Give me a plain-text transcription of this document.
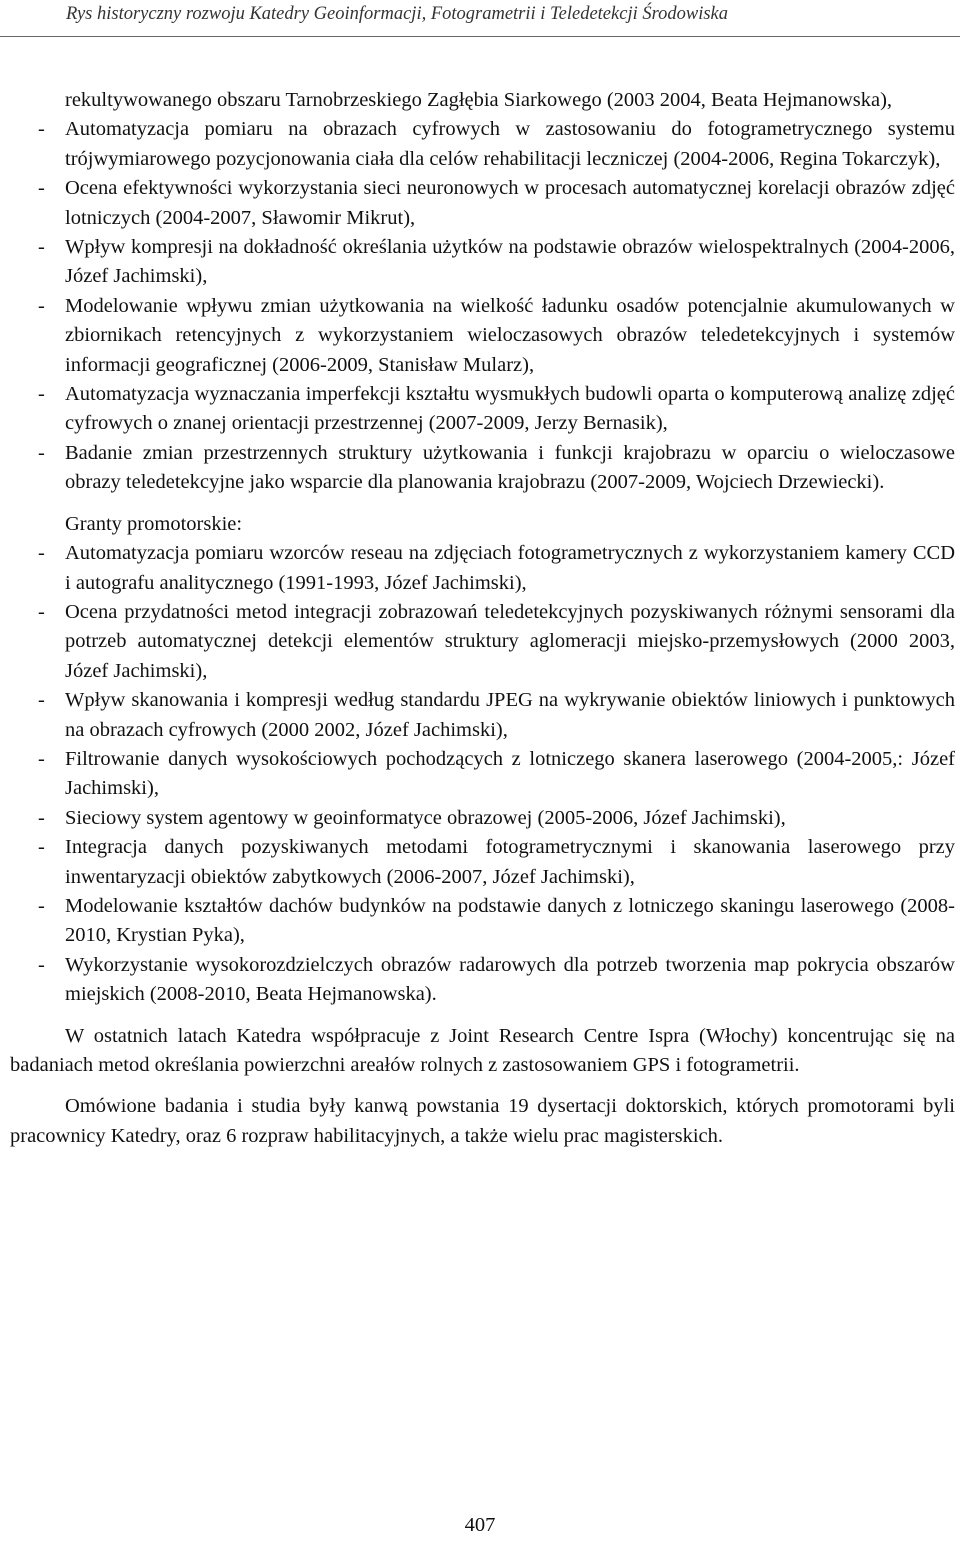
Rys historyczny rozwoju Katedry Geoinformacji, Fotogrametrii i Teledetekcji Środowiska
rekultywowanego obszaru Tarnobrzeskiego Zagłębia Siarkowego (2003 2004, Beata Hejmanowska),
- Automatyzacja pomiaru na obrazach cyfrowych w zastosowaniu do fotogrametrycznego systemu trójwymiarowego pozycjonowania ciała dla celów rehabilitacji leczniczej (2004-2006, Regina Tokarczyk),
- Ocena efektywności wykorzystania sieci neuronowych w procesach automatycznej korelacji obrazów zdjęć lotniczych (2004-2007, Sławomir Mikrut),
- Wpływ kompresji na dokładność określania użytków na podstawie obrazów wielospektralnych (2004-2006, Józef Jachimski),
- Modelowanie wpływu zmian użytkowania na wielkość ładunku osadów potencjalnie akumulowanych w zbiornikach retencyjnych z wykorzystaniem wieloczasowych obrazów teledetekcyjnych i systemów informacji geograficznej (2006-2009, Stanisław Mularz),
- Automatyzacja wyznaczania imperfekcji kształtu wysmukłych budowli oparta o komputerową analizę zdjęć cyfrowych o znanej orientacji przestrzennej (2007-2009, Jerzy Bernasik),
- Badanie zmian przestrzennych struktury użytkowania i funkcji krajobrazu w oparciu o wieloczasowe obrazy teledetekcyjne jako wsparcie dla planowania krajobrazu (2007-2009, Wojciech Drzewiecki).
Granty promotorskie:
- Automatyzacja pomiaru wzorców reseau na zdjęciach fotogrametrycznych z wykorzystaniem kamery CCD i autografu analitycznego (1991-1993, Józef Jachimski),
- Ocena przydatności metod integracji zobrazowań teledetekcyjnych pozyskiwanych różnymi sensorami dla potrzeb automatycznej detekcji elementów struktury aglomeracji miejsko-przemysłowych (2000 2003, Józef Jachimski),
- Wpływ skanowania i kompresji według standardu JPEG na wykrywanie obiektów liniowych i punktowych na obrazach cyfrowych (2000 2002, Józef Jachimski),
- Filtrowanie danych wysokościowych pochodzących z lotniczego skanera laserowego (2004-2005,: Józef Jachimski),
- Sieciowy system agentowy w geoinformatyce obrazowej (2005-2006, Józef Jachimski),
- Integracja danych pozyskiwanych metodami fotogrametrycznymi i skanowania laserowego przy inwentaryzacji obiektów zabytkowych (2006-2007, Józef Jachimski),
- Modelowanie kształtów dachów budynków na podstawie danych z lotniczego skaningu laserowego (2008-2010, Krystian Pyka),
- Wykorzystanie wysokorozdzielczych obrazów radarowych dla potrzeb tworzenia map pokrycia obszarów miejskich (2008-2010, Beata Hejmanowska).

W ostatnich latach Katedra współpracuje z Joint Research Centre Ispra (Włochy) koncentrując się na badaniach metod określania powierzchni areałów rolnych z zastosowaniem GPS i fotogrametrii.

Omówione badania i studia były kanwą powstania 19 dysertacji doktorskich, których promotorami byli pracownicy Katedry, oraz 6 rozpraw habilitacyjnych, a także wielu prac magisterskich.

407
